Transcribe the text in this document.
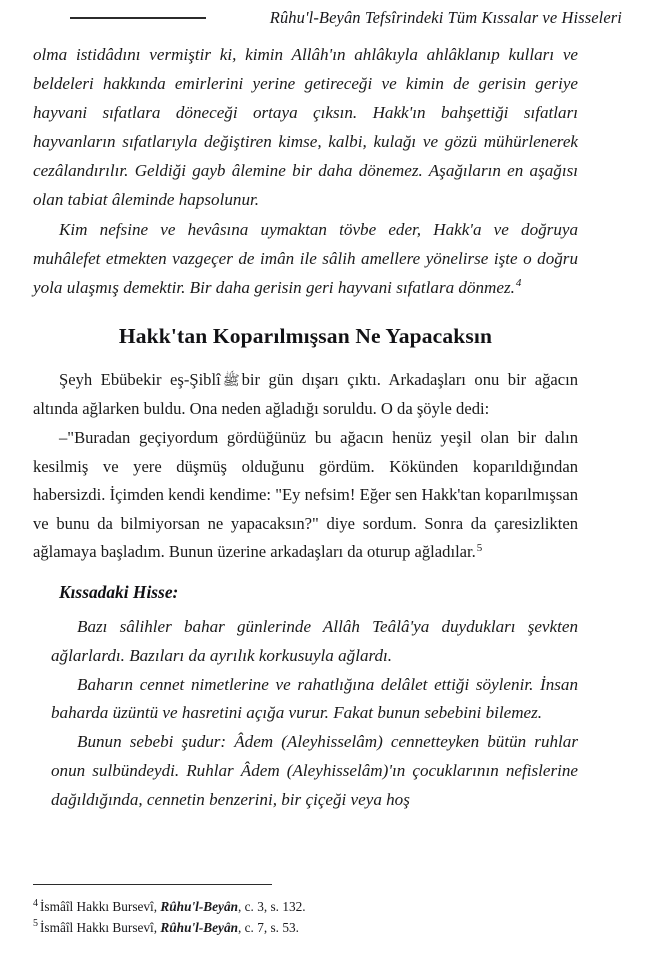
Rûhu'l-Beyân Tefsîrindeki Tüm Kıssalar ve Hisseleri

olma istidâdını vermiştir ki, kimin Allâh'ın ahlâkıyla ahlâklanıp kulları ve beldeleri hakkında emirlerini yerine getireceği ve kimin de gerisin geriye hayvani sıfatlara döneceği ortaya çıksın. Hakk'ın bahşettiği sıfatları hayvanların sıfatlarıyla değiştiren kimse, kalbi, kulağı ve gözü mühürlenerek cezâlandırılır. Geldiği gayb âlemine bir daha dönemez. Aşağıların en aşağısı olan tabiat âleminde hapsolunur.

Kim nefsine ve hevâsına uymaktan tövbe eder, Hakk'a ve doğruya muhâlefet etmekten vazgeçer de imân ile sâlih amellere yönelirse işte o doğru yola ulaşmış demektir. Bir daha gerisin geri hayvani sıfatlara dönmez.$^4$

Hakk'tan Koparılmışsan Ne Yapacaksın

Şeyh Ebübekir eş-Şiblî ﷺ bir gün dışarı çıktı. Arkadaşları onu bir ağacın altında ağlarken buldu. Ona neden ağladığı soruldu. O da şöyle dedi:

–"Buradan geçiyordum gördüğünüz bu ağacın henüz yeşil olan bir dalın kesilmiş ve yere düşmüş olduğunu gördüm. Kökünden koparıldığından habersizdi. İçimden kendi kendime: "Ey nefsim! Eğer sen Hakk'tan koparılmışsan ve bunu da bilmiyorsan ne yapacaksın?" diye sordum. Sonra da çaresizlikten ağlamaya başladım. Bunun üzerine arkadaşları da oturup ağladılar.$^5$

Kıssadaki Hisse:

Bazı sâlihler bahar günlerinde Allâh Teâlâ'ya duydukları şevkten ağlarlardı. Bazıları da ayrılık korkusuyla ağlardı.

Baharın cennet nimetlerine ve rahatlığına delâlet ettiği söylenir. İnsan baharda üzüntü ve hasretini açığa vurur. Fakat bunun sebebini bilemez.

Bunun sebebi şudur: Âdem (Aleyhisselâm) cennetteyken bütün ruhlar onun sulbündeydi. Ruhlar Âdem (Aleyhisselâm)'ın çocuklarının nefislerine dağıldığında, cennetin benzerini, bir çiçeği veya hoş

$^4$ İsmâîl Hakkı Bursevî, Rûhu'l-Beyân, c. 3, s. 132.
$^5$ İsmâîl Hakkı Bursevî, Rûhu'l-Beyân, c. 7, s. 53.
